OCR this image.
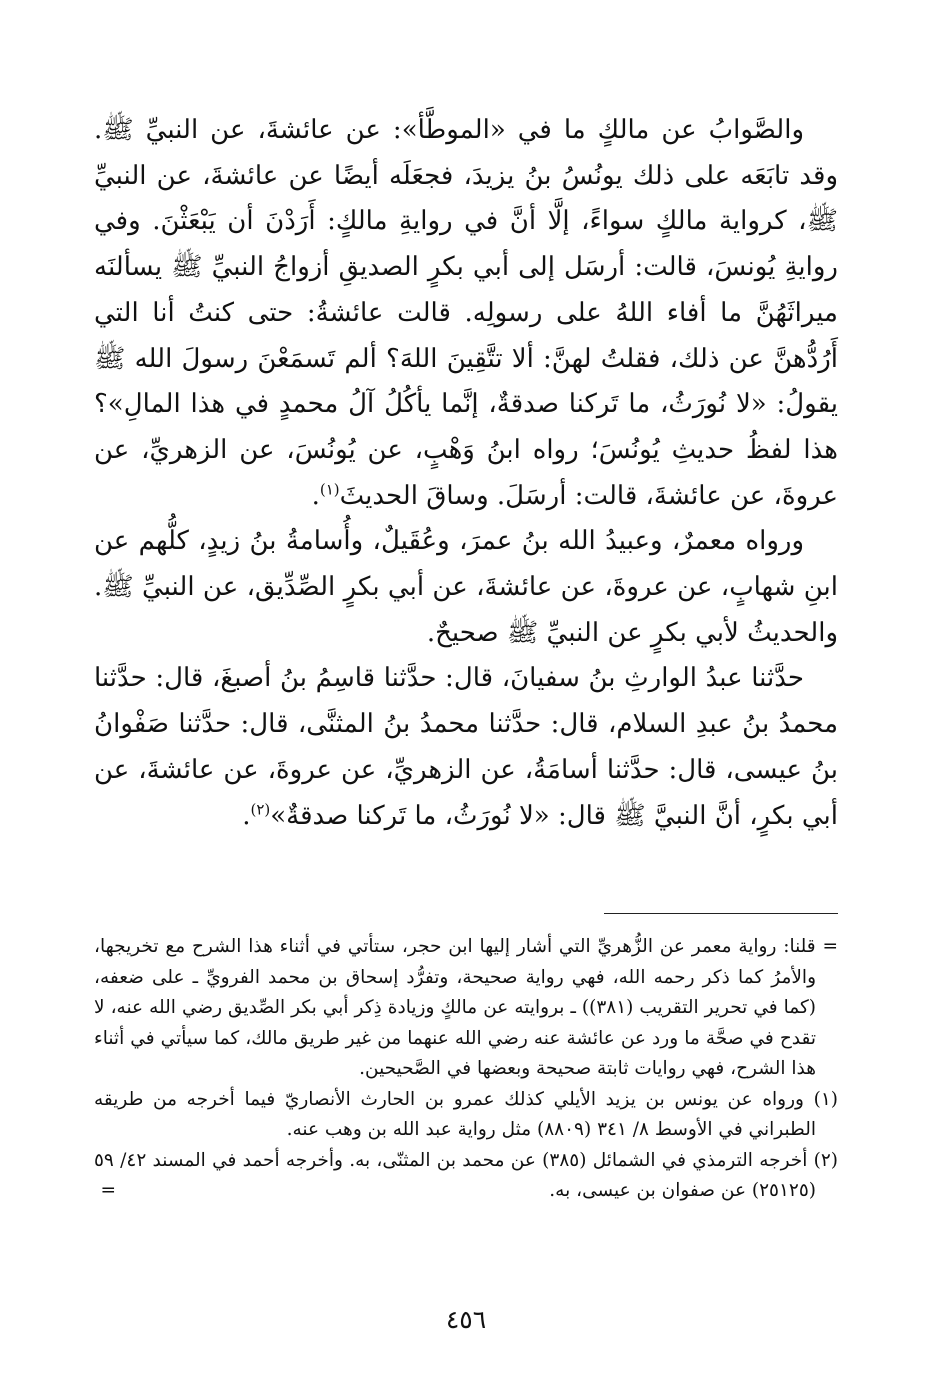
والصَّوابُ عن مالكٍ ما في «الموطَّأ»: عن عائشةَ، عن النبيِّ ﷺ. وقد تابَعَه على ذلك يونُسُ بنُ يزيدَ، فجعَلَه أيضًا عن عائشةَ، عن النبيِّ ﷺ، كرواية مالكٍ سواءً، إلَّا أنَّ في روايةِ مالكٍ: أَرَدْنَ أن يَبْعَثْنَ. وفي روايةِ يُونسَ، قالت: أرسَل إلى أبي بكرٍ الصديقِ أزواجُ النبيِّ ﷺ يسألنَه ميراثَهُنَّ ما أفاء اللهُ على رسولِه. قالت عائشةُ: حتى كنتُ أنا التي أَرُدُّهنَّ عن ذلك، فقلتُ لهنَّ: ألا تتَّقِينَ اللهَ؟ ألم تَسمَعْنَ رسولَ الله ﷺ يقولُ: «لا نُورَثُ، ما تَركنا صدقةٌ، إنَّما يأكُلُ آلُ محمدٍ في هذا المالِ»؟ هذا لفظُ حديثِ يُونُسَ؛ رواه ابنُ وَهْبٍ، عن يُونُسَ، عن الزهريِّ، عن عروةَ، عن عائشةَ، قالت: أرسَلَ. وساقَ الحديثَ$^{(١)}$.

ورواه معمرٌ، وعبيدُ الله بنُ عمرَ، وعُقَيلٌ، وأُسامةُ بنُ زيدٍ، كلُّهم عن ابنِ شهابٍ، عن عروةَ، عن عائشةَ، عن أبي بكرٍ الصِّدِّيق، عن النبيِّ ﷺ. والحديثُ لأبي بكرٍ عن النبيِّ ﷺ صحيحٌ.

حدَّثنا عبدُ الوارثِ بنُ سفيانَ، قال: حدَّثنا قاسِمُ بنُ أصبغَ، قال: حدَّثنا محمدُ بنُ عبدِ السلام، قال: حدَّثنا محمدُ بنُ المثنَّى، قال: حدَّثنا صَفْوانُ بنُ عيسى، قال: حدَّثنا أسامَةُ، عن الزهريِّ، عن عروةَ، عن عائشةَ، عن أبي بكرٍ، أنَّ النبيَّ ﷺ قال: «لا نُورَثُ، ما تَركنا صدقةٌ»$^{(٢)}$.

= قلنا: رواية معمر عن الزُّهريِّ التي أشار إليها ابن حجر، ستأتي في أثناء هذا الشرح مع تخريجها، والأمرُ كما ذكر رحمه الله، فهي رواية صحيحة، وتفرُّد إسحاق بن محمد الفرويِّ ـ على ضعفه، (كما في تحرير التقريب (٣٨١)) ـ بروايته عن مالكٍ وزيادة ذِكر أبي بكر الصِّديق رضي الله عنه، لا تقدح في صحَّة ما ورد عن عائشة عنه رضي الله عنهما من غير طريق مالك، كما سيأتي في أثناء هذا الشرح، فهي روايات ثابتة صحيحة وبعضها في الصَّحيحين.

(١) ورواه عن يونس بن يزيد الأيلي كذلك عمرو بن الحارث الأنصاريّ فيما أخرجه من طريقه الطبراني في الأوسط ٨/ ٣٤١ (٨٨٠٩) مثل رواية عبد الله بن وهب عنه.

(٢) أخرجه الترمذي في الشمائل (٣٨٥) عن محمد بن المثنّى، به. وأخرجه أحمد في المسند ٤٢/ ٥٩ (٢٥١٢٥) عن صفوان بن عيسى، به.
=

٤٥٦
